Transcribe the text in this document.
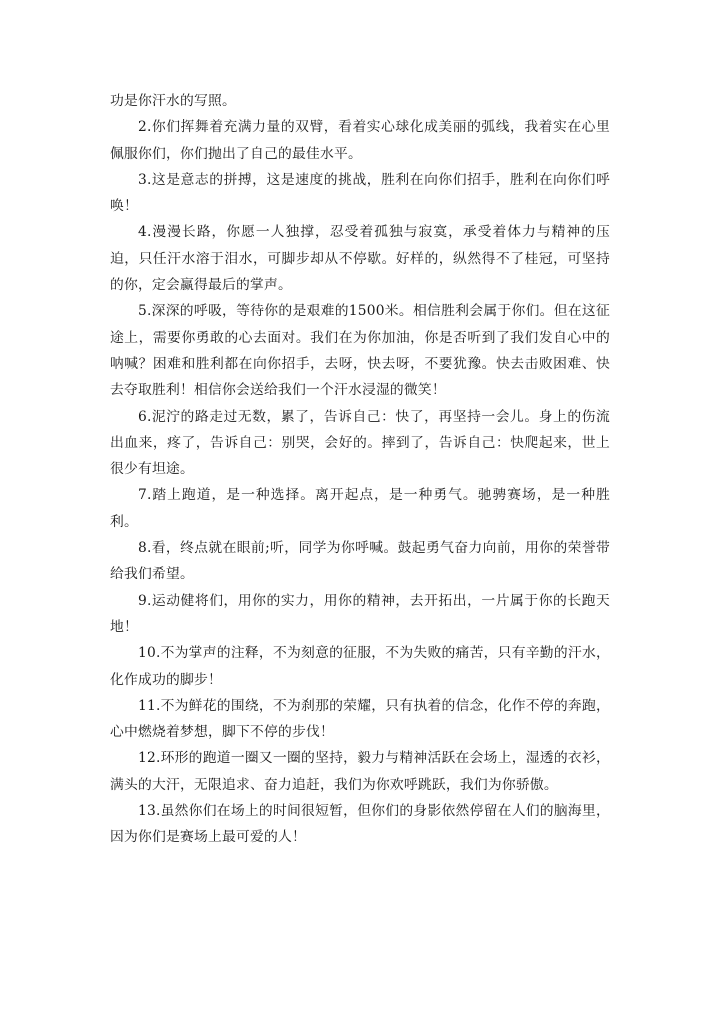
功是你汗水的写照。

2.你们挥舞着充满力量的双臂，看着实心球化成美丽的弧线，我着实在心里佩服你们，你们抛出了自己的最佳水平。

3.这是意志的拼搏，这是速度的挑战，胜利在向你们招手，胜利在向你们呼唤！

4.漫漫长路，你愿一人独撑，忍受着孤独与寂寞，承受着体力与精神的压迫，只任汗水溶于泪水，可脚步却从不停歇。好样的，纵然得不了桂冠，可坚持的你，定会赢得最后的掌声。

5.深深的呼吸，等待你的是艰难的1500米。相信胜利会属于你们。但在这征途上，需要你勇敢的心去面对。我们在为你加油，你是否听到了我们发自心中的呐喊？困难和胜利都在向你招手，去呀，快去呀，不要犹豫。快去击败困难、快去夺取胜利！相信你会送给我们一个汗水浸湿的微笑！

6.泥泞的路走过无数，累了，告诉自己：快了，再坚持一会儿。身上的伤流出血来，疼了，告诉自己：别哭，会好的。摔到了，告诉自己：快爬起来，世上很少有坦途。

7.踏上跑道，是一种选择。离开起点，是一种勇气。驰骋赛场，是一种胜利。

8.看，终点就在眼前;听，同学为你呼喊。鼓起勇气奋力向前，用你的荣誉带给我们希望。

9.运动健将们，用你的实力，用你的精神，去开拓出，一片属于你的长跑天地！

10.不为掌声的注释，不为刻意的征服，不为失败的痛苦，只有辛勤的汗水，化作成功的脚步！

11.不为鲜花的围绕，不为刹那的荣耀，只有执着的信念，化作不停的奔跑，心中燃烧着梦想，脚下不停的步伐！

12.环形的跑道一圈又一圈的坚持，毅力与精神活跃在会场上，湿透的衣衫，满头的大汗，无限追求、奋力追赶，我们为你欢呼跳跃，我们为你骄傲。

13.虽然你们在场上的时间很短暂，但你们的身影依然停留在人们的脑海里，因为你们是赛场上最可爱的人！
